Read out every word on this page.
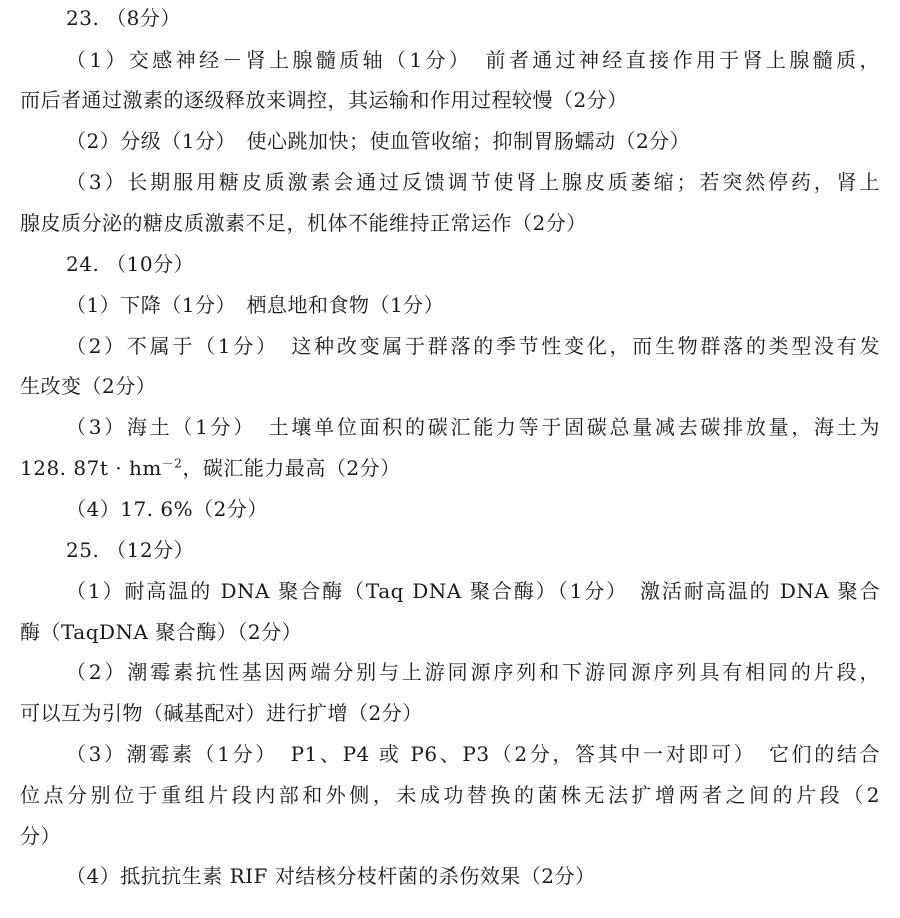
23. （8分）
（1）交感神经－肾上腺髓质轴（1分）　前者通过神经直接作用于肾上腺髓质，
而后者通过激素的逐级释放来调控，其运输和作用过程较慢（2分）
（2）分级（1分）　使心跳加快；使血管收缩；抑制胃肠蠕动（2分）
（3）长期服用糖皮质激素会通过反馈调节使肾上腺皮质萎缩；若突然停药，肾上
腺皮质分泌的糖皮质激素不足，机体不能维持正常运作（2分）
24. （10分）
（1）下降（1分）　栖息地和食物（1分）
（2）不属于（1分）　这种改变属于群落的季节性变化，而生物群落的类型没有发
生改变（2分）
（3）海土（1分）　土壤单位面积的碳汇能力等于固碳总量减去碳排放量，海土为
128. $87t \cdot hm^{-2}$，碳汇能力最高（2分）
（4）17. 6%（2分）
25. （12分）
（1）耐高温的 DNA 聚合酶（Taq DNA 聚合酶）（1分）　激活耐高温的 DNA 聚合
酶（TaqDNA 聚合酶）（2分）
（2）潮霉素抗性基因两端分别与上游同源序列和下游同源序列具有相同的片段，
可以互为引物（碱基配对）进行扩增（2分）
（3）潮霉素（1分）　P1、P4 或 P6、P3（2分，答其中一对即可）　它们的结合
位点分别位于重组片段内部和外侧，未成功替换的菌株无法扩增两者之间的片段（2
分）
（4）抵抗抗生素 RIF 对结核分枝杆菌的杀伤效果（2分）
